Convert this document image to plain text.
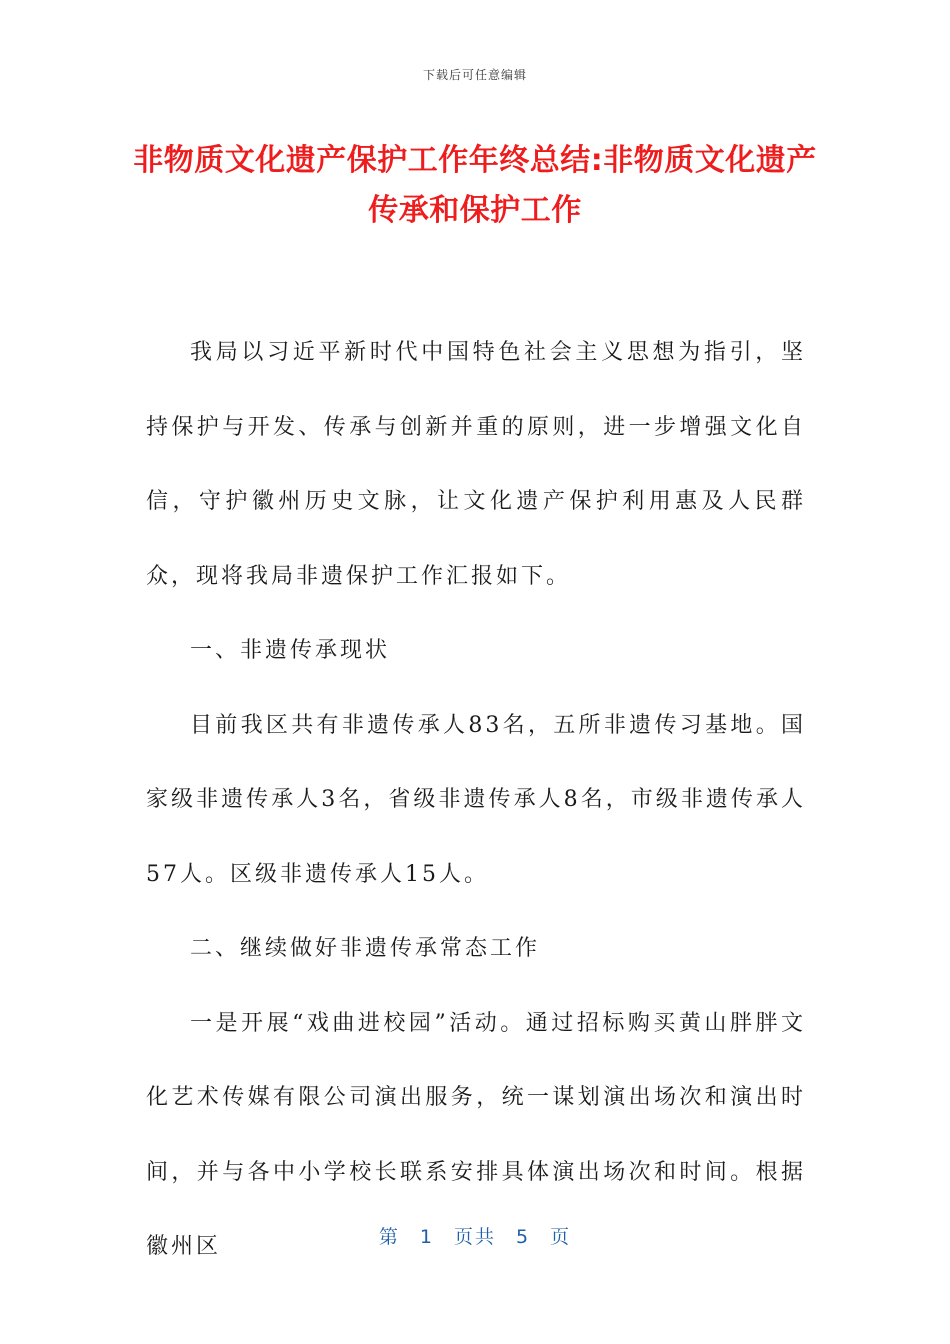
下载后可任意编辑
非物质文化遗产保护工作年终总结:非物质文化遗产传承和保护工作

我局以习近平新时代中国特色社会主义思想为指引，坚持保护与开发、传承与创新并重的原则，进一步增强文化自信，守护徽州历史文脉，让文化遗产保护利用惠及人民群众，现将我局非遗保护工作汇报如下。

一、非遗传承现状

目前我区共有非遗传承人83名，五所非遗传习基地。国家级非遗传承人3名，省级非遗传承人8名，市级非遗传承人57人。区级非遗传承人15人。

二、继续做好非遗传承常态工作

一是开展“戏曲进校园”活动。通过招标购买黄山胖胖文化艺术传媒有限公司演出服务，统一谋划演出场次和演出时间，并与各中小学校长联系安排具体演出场次和时间。根据徽州区	第 1 页共 5 页
